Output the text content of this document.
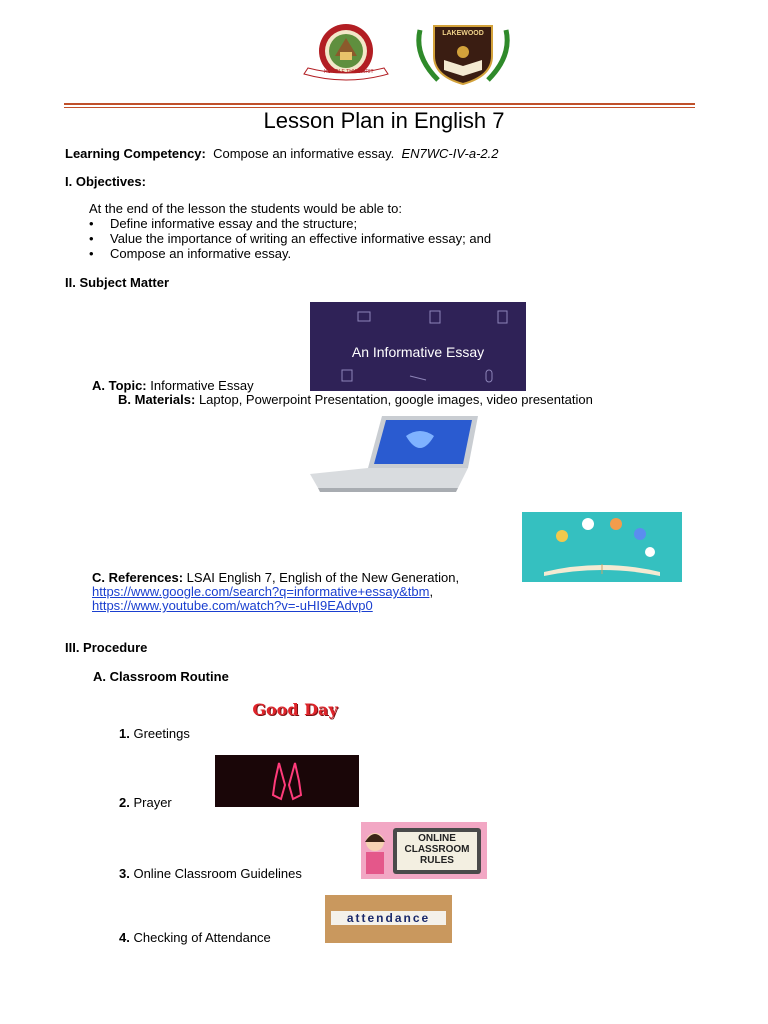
HUMBLE THY SPIRIT
LAKEWOOD
Lesson Plan in English 7
Learning Competency: Compose an informative essay. EN7WC-IV-a-2.2
I. Objectives:
At the end of the lesson the students would be able to:
• Define informative essay and the structure;
• Value the importance of writing an effective informative essay; and
• Compose an informative essay.
II. Subject Matter
An Informative Essay
A. Topic: Informative Essay
B. Materials: Laptop, Powerpoint Presentation, google images, video presentation
C. References: LSAI English 7, English of the New Generation,
https://www.google.com/search?q=informative+essay&tbm,
https://www.youtube.com/watch?v=-uHI9EAdvp0
III. Procedure
A. Classroom Routine
Good Day
1. Greetings
2. Prayer
ONLINE
CLASSROOM
RULES
3. Online Classroom Guidelines
attendance
4. Checking of Attendance
